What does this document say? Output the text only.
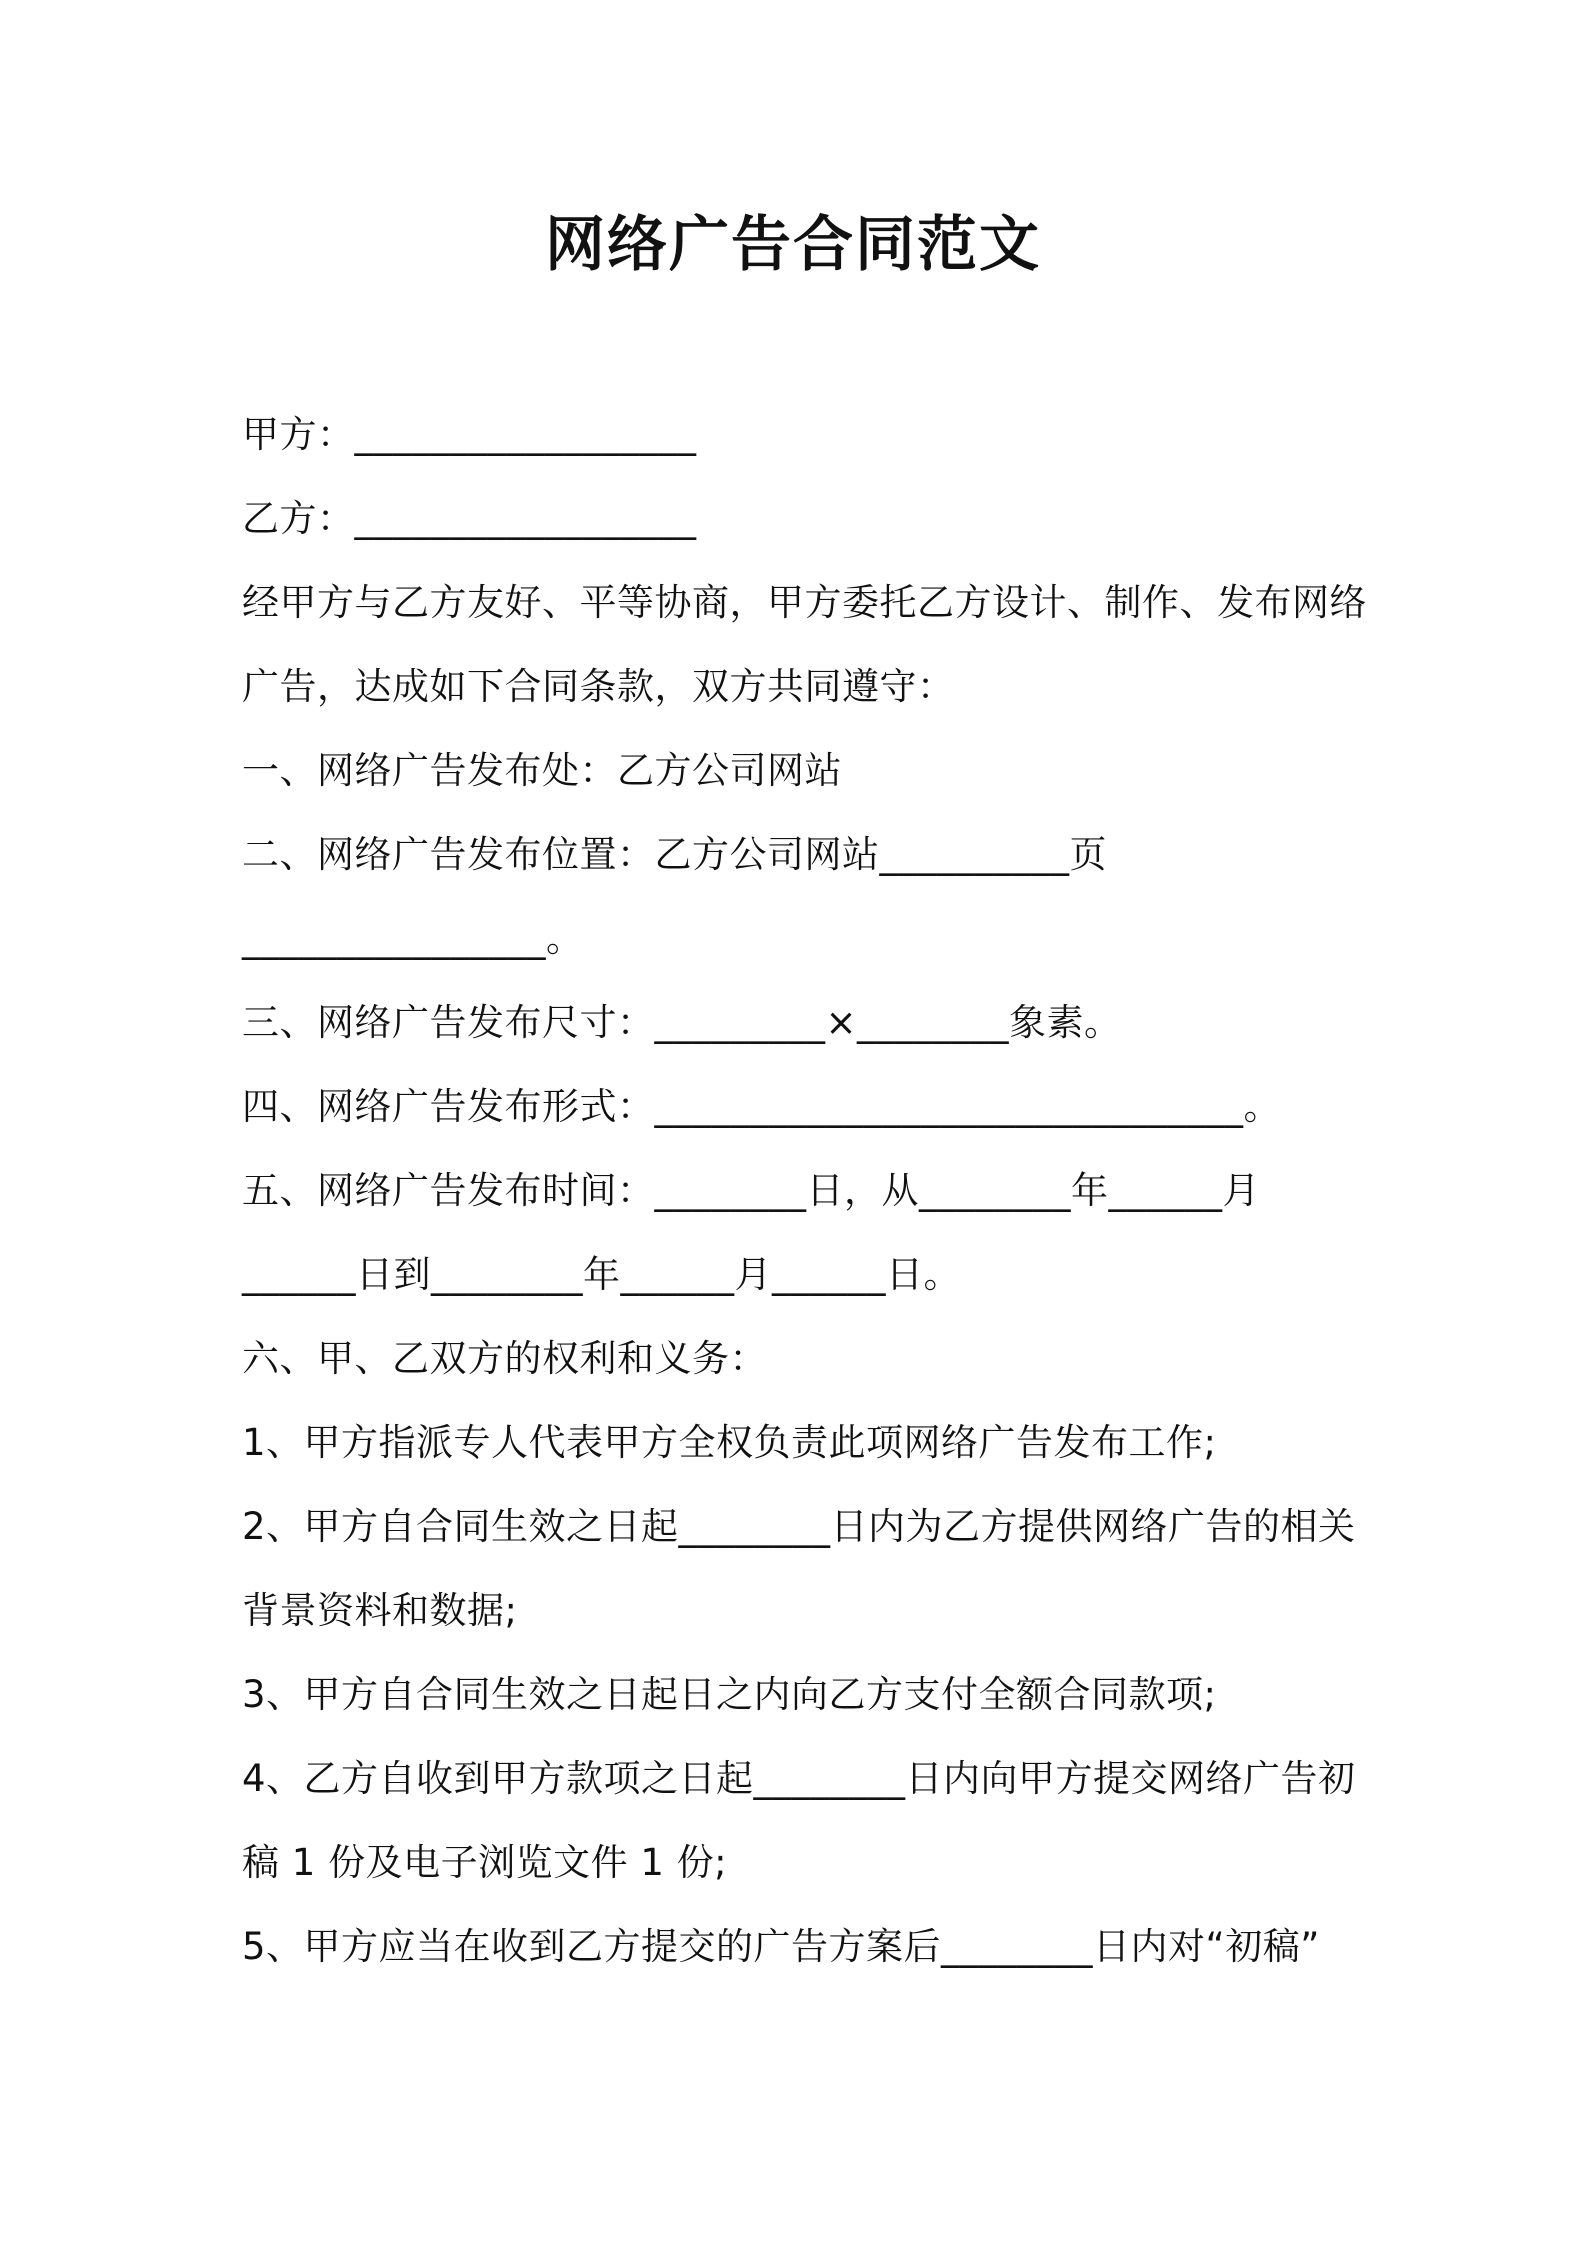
网络广告合同范文
甲方：__________________
乙方：__________________
经甲方与乙方友好、平等协商，甲方委托乙方设计、制作、发布网络
广告，达成如下合同条款，双方共同遵守：
一、网络广告发布处：乙方公司网站
二、网络广告发布位置：乙方公司网站__________页
________________。
三、网络广告发布尺寸：_________×________象素。
四、网络广告发布形式：_______________________________。
五、网络广告发布时间：________日，从________年______月
______日到________年______月______日。
六、甲、乙双方的权利和义务：
1、甲方指派专人代表甲方全权负责此项网络广告发布工作;
2、甲方自合同生效之日起________日内为乙方提供网络广告的相关
背景资料和数据;
3、甲方自合同生效之日起日之内向乙方支付全额合同款项;
4、乙方自收到甲方款项之日起________日内向甲方提交网络广告初
稿 1 份及电子浏览文件 1 份;
5、甲方应当在收到乙方提交的广告方案后________日内对“初稿”
